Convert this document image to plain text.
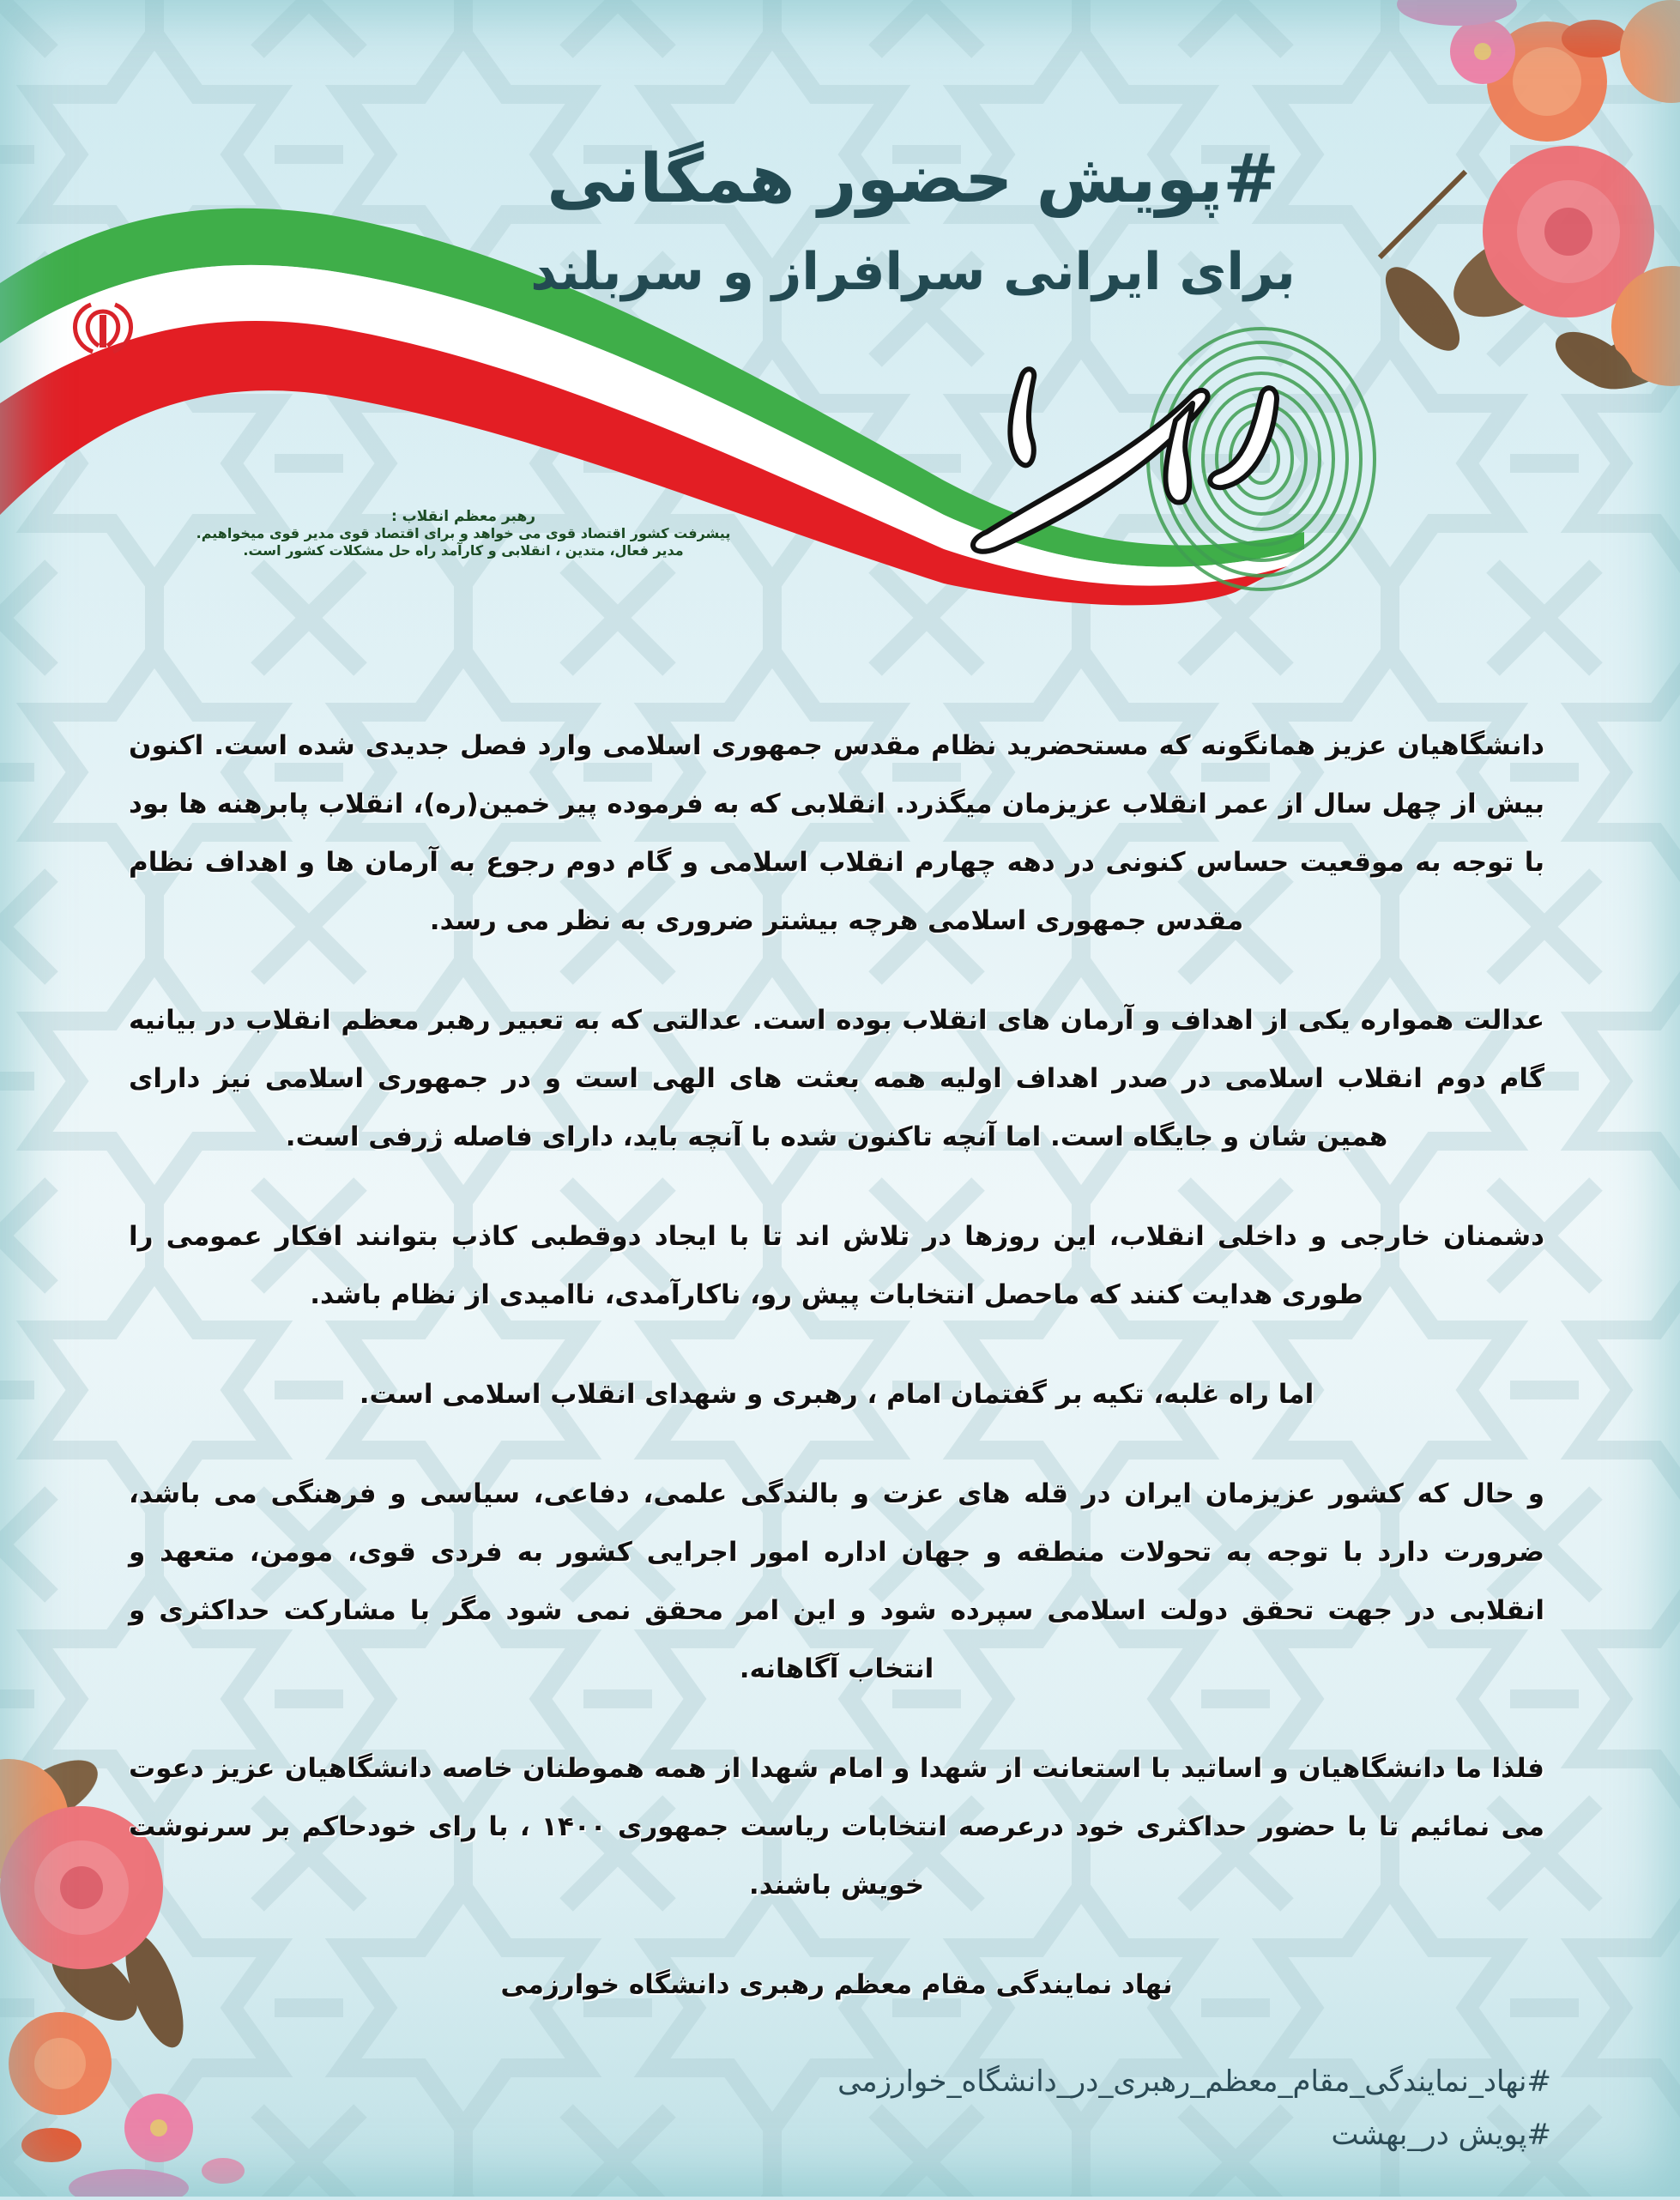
#پویش حضور همگانی
برای ایرانی سرافراز و سربلند
رهبر معظم انقلاب :
پیشرفت کشور اقتصاد قوی می خواهد و برای اقتصاد قوی مدیر قوی میخواهیم.
مدیر فعال، متدین ، انقلابی و کارآمد راه حل مشکلات کشور است.

دانشگاهیان عزیز همانگونه که مستحضرید نظام مقدس جمهوری اسلامی وارد فصل جدیدی شده است. اکنون بیش از چهل سال از عمر انقلاب عزیزمان میگذرد. انقلابی که به فرموده پیر خمین(ره)، انقلاب پابرهنه ها بود با توجه به موقعیت حساس کنونی در دهه چهارم انقلاب اسلامی و گام دوم رجوع به آرمان ها و اهداف نظام مقدس جمهوری اسلامی هرچه بیشتر ضروری به نظر می رسد.

عدالت همواره یکی از اهداف و آرمان های انقلاب بوده است. عدالتی که به تعبیر رهبر معظم انقلاب در بیانیه گام دوم انقلاب اسلامی در صدر اهداف اولیه همه بعثت های الهی است و در جمهوری اسلامی نیز دارای همین شان و جایگاه است. اما آنچه تاکنون شده با آنچه باید، دارای فاصله ژرفی است.

دشمنان خارجی و داخلی انقلاب، این روزها در تلاش اند تا با ایجاد دوقطبی کاذب بتوانند افکار عمومی را طوری هدایت کنند که ماحصل انتخابات پیش رو، ناکارآمدی، ناامیدی از نظام باشد.

اما راه غلبه، تکیه بر گفتمان امام ، رهبری و شهدای انقلاب اسلامی است.

و حال که کشور عزیزمان ایران در قله های عزت و بالندگی علمی، دفاعی، سیاسی و فرهنگی می باشد، ضرورت دارد با توجه به تحولات منطقه و جهان اداره امور اجرایی کشور به فردی قوی، مومن، متعهد و انقلابی در جهت تحقق دولت اسلامی سپرده شود و این امر محقق نمی شود مگر با مشارکت حداکثری و انتخاب آگاهانه.

فلذا ما دانشگاهیان و اساتید با استعانت از شهدا و امام شهدا از همه هموطنان خاصه دانشگاهیان عزیز دعوت می نمائیم تا با حضور حداکثری خود درعرصه انتخابات ریاست جمهوری ۱۴۰۰ ، با رای خودحاکم بر سرنوشت خویش باشند.

نهاد نمایندگی مقام معظم رهبری دانشگاه خوارزمی

#نهاد_نمایندگی_مقام_معظم_رهبری_در_دانشگاه_خوارزمی
#پویش در_بهشت
